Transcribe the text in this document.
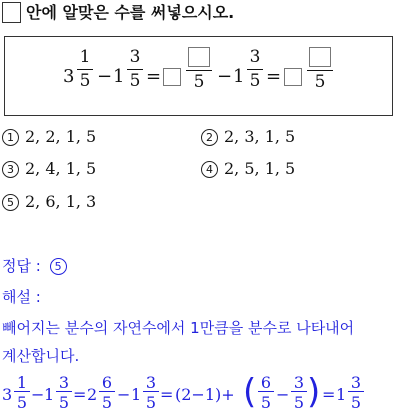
안에 알맞은 수를 써넣으시오.
3
1
5 − 1
3
5 =	5 − 1
3
5 =	5
1 2, 2, 1, 5	2 2, 3, 1, 5
3 2, 4, 1, 5	4 2, 5, 1, 5
5 2, 6, 1, 3
정답 : 5
해설 :
빼어지는 분수의 자연수에서 1만큼을 분수로 나타내어
계산합니다.
3
1
5 − 1
3
5 = 2
6
5 − 1
3
5 = (2−1)+ ( 6
5 −
3
5 ) = 1
3
5
